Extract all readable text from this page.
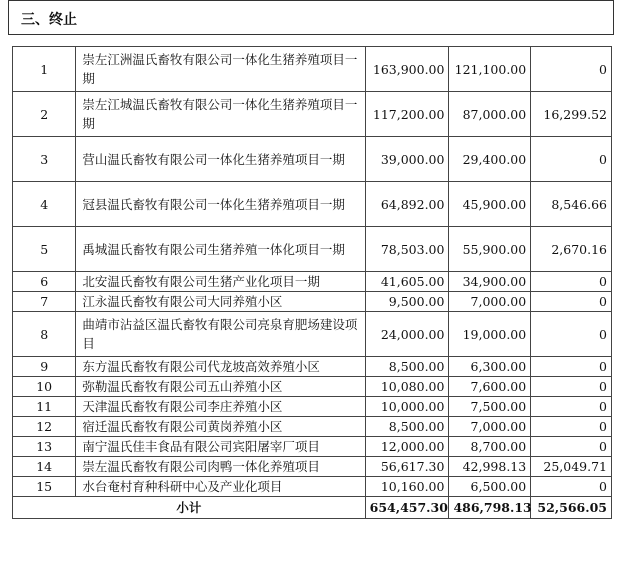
三、终止
1	崇左江洲温氏畜牧有限公司一体化生猪养殖项目一期	163,900.00	121,100.00	0
2	崇左江城温氏畜牧有限公司一体化生猪养殖项目一期	117,200.00	87,000.00	16,299.52
3	营山温氏畜牧有限公司一体化生猪养殖项目一期	39,000.00	29,400.00	0
4	冠县温氏畜牧有限公司一体化生猪养殖项目一期	64,892.00	45,900.00	8,546.66
5	禹城温氏畜牧有限公司生猪养殖一体化项目一期	78,503.00	55,900.00	2,670.16
6	北安温氏畜牧有限公司生猪产业化项目一期	41,605.00	34,900.00	0
7	江永温氏畜牧有限公司大同养殖小区	9,500.00	7,000.00	0
8	曲靖市沾益区温氏畜牧有限公司亮泉育肥场建设项目	24,000.00	19,000.00	0
9	东方温氏畜牧有限公司代龙坡高效养殖小区	8,500.00	6,300.00	0
10	弥勒温氏畜牧有限公司五山养殖小区	10,080.00	7,600.00	0
11	天津温氏畜牧有限公司李庄养殖小区	10,000.00	7,500.00	0
12	宿迁温氏畜牧有限公司黄岗养殖小区	8,500.00	7,000.00	0
13	南宁温氏佳丰食品有限公司宾阳屠宰厂项目	12,000.00	8,700.00	0
14	崇左温氏畜牧有限公司肉鸭一体化养殖项目	56,617.30	42,998.13	25,049.71
15	水台奄村育种科研中心及产业化项目	10,160.00	6,500.00	0
小计		654,457.30	486,798.13	52,566.05
